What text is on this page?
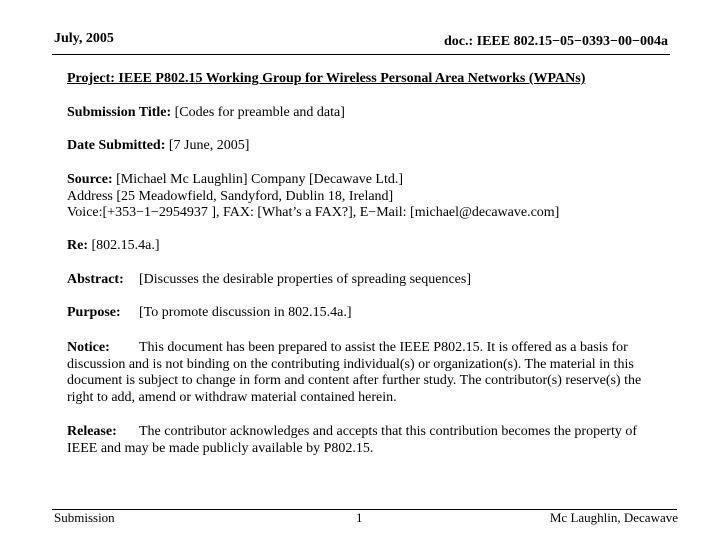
July, 2005	doc.: IEEE 802.15−05−0393−00−004a
Project: IEEE P802.15 Working Group for Wireless Personal Area Networks (WPANs)
Submission Title: [Codes for preamble and data]
Date Submitted: [7 June, 2005]
Source: [Michael Mc Laughlin] Company [Decawave Ltd.]
Address [25 Meadowfield, Sandyford, Dublin 18, Ireland]
Voice:[+353−1−2954937 ], FAX: [What’s a FAX?], E−Mail: [michael@decawave.com]
Re: [802.15.4a.]
Abstract: [Discusses the desirable properties of spreading sequences]
Purpose: [To promote discussion in 802.15.4a.]
Notice: This document has been prepared to assist the IEEE P802.15. It is offered as a basis for
discussion and is not binding on the contributing individual(s) or organization(s). The material in this
document is subject to change in form and content after further study. The contributor(s) reserve(s) the
right to add, amend or withdraw material contained herein.
Release: The contributor acknowledges and accepts that this contribution becomes the property of
IEEE and may be made publicly available by P802.15.
Submission	1	Mc Laughlin, Decawave
